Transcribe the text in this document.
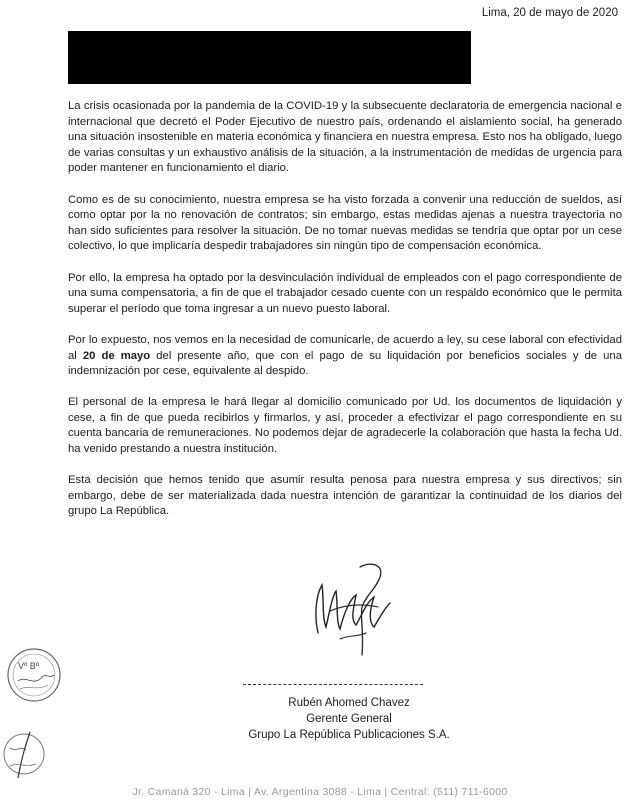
Lima, 20 de mayo de 2020

La crisis ocasionada por la pandemia de la COVID-19 y la subsecuente declaratoria de emergencia nacional e internacional que decretó el Poder Ejecutivo de nuestro país, ordenando el aislamiento social, ha generado una situación insostenible en materia económica y financiera en nuestra empresa. Esto nos ha obligado, luego de varias consultas y un exhaustivo análisis de la situación, a la instrumentación de medidas de urgencia para poder mantener en funcionamiento el diario.

Como es de su conocimiento, nuestra empresa se ha visto forzada a convenir una reducción de sueldos, así como optar por la no renovación de contratos; sin embargo, estas medidas ajenas a nuestra trayectoria no han sido suficientes para resolver la situación. De no tomar nuevas medidas se tendría que optar por un cese colectivo, lo que implicaría despedir trabajadores sin ningún tipo de compensación económica.

Por ello, la empresa ha optado por la desvinculación individual de empleados con el pago correspondiente de una suma compensatoria, a fin de que el trabajador cesado cuente con un respaldo económico que le permita superar el período que toma ingresar a un nuevo puesto laboral.

Por lo expuesto, nos vemos en la necesidad de comunicarle, de acuerdo a ley, su cese laboral con efectividad al 20 de mayo del presente año, que con el pago de su liquidación por beneficios sociales y de una indemnización por cese, equivalente al despido.

El personal de la empresa le hará llegar al domicilio comunicado por Ud. los documentos de liquidación y cese, a fin de que pueda recibirlos y firmarlos, y así, proceder a efectivizar el pago correspondiente en su cuenta bancaria de remuneraciones. No podemos dejar de agradecerle la colaboración que hasta la fecha Ud. ha venido prestando a nuestra institución.

Esta decisión que hemos tenido que asumir resulta penosa para nuestra empresa y sus directivos; sin embargo, debe de ser materializada dada nuestra intención de garantizar la continuidad de los diarios del grupo La República.

Rubén Ahomed Chavez
Gerente General
Grupo La República Publicaciones S.A.
Vº Bº
Jr. Camaná 320 - Lima | Av. Argentina 3088 - Lima | Central: (511) 711-6000
